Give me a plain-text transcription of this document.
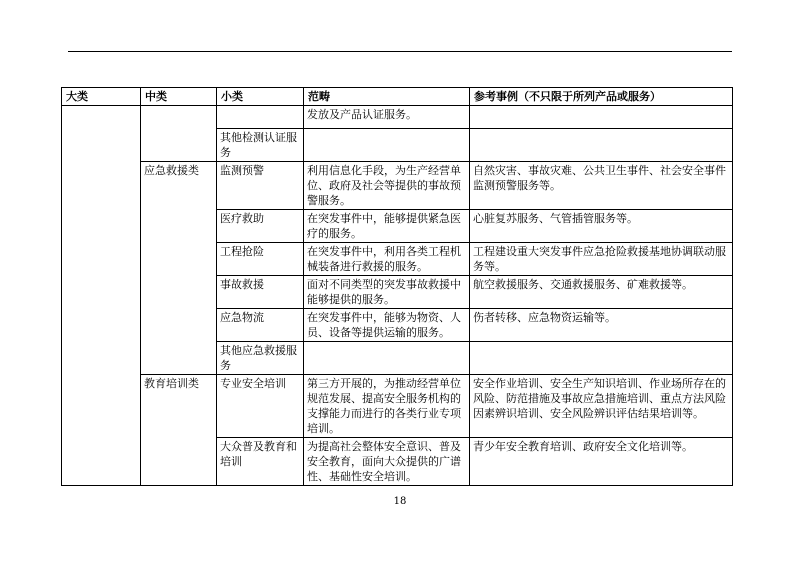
大类	中类	小类	范畴	参考事例（不只限于所列产品或服务）
			发放及产品认证服务。	
		其他检测认证服务		
	应急救援类	监测预警	利用信息化手段，为生产经营单位、政府及社会等提供的事故预警服务。	自然灾害、事故灾难、公共卫生事件、社会安全事件监测预警服务等。
		医疗救助	在突发事件中，能够提供紧急医疗的服务。	心脏复苏服务、气管插管服务等。
		工程抢险	在突发事件中，利用各类工程机械装备进行救援的服务。	工程建设重大突发事件应急抢险救援基地协调联动服务等。
		事故救援	面对不同类型的突发事故救援中能够提供的服务。	航空救援服务、交通救援服务、矿难救援等。
		应急物流	在突发事件中，能够为物资、人员、设备等提供运输的服务。	伤者转移、应急物资运输等。
		其他应急救援服务		
	教育培训类	专业安全培训	第三方开展的，为推动经营单位规范发展、提高安全服务机构的支撑能力而进行的各类行业专项培训。	安全作业培训、安全生产知识培训、作业场所存在的风险、防范措施及事故应急措施培训、重点方法风险因素辨识培训、安全风险辨识评估结果培训等。
		大众普及教育和培训	为提高社会整体安全意识、普及安全教育，面向大众提供的广谱性、基础性安全培训。	青少年安全教育培训、政府安全文化培训等。
18
